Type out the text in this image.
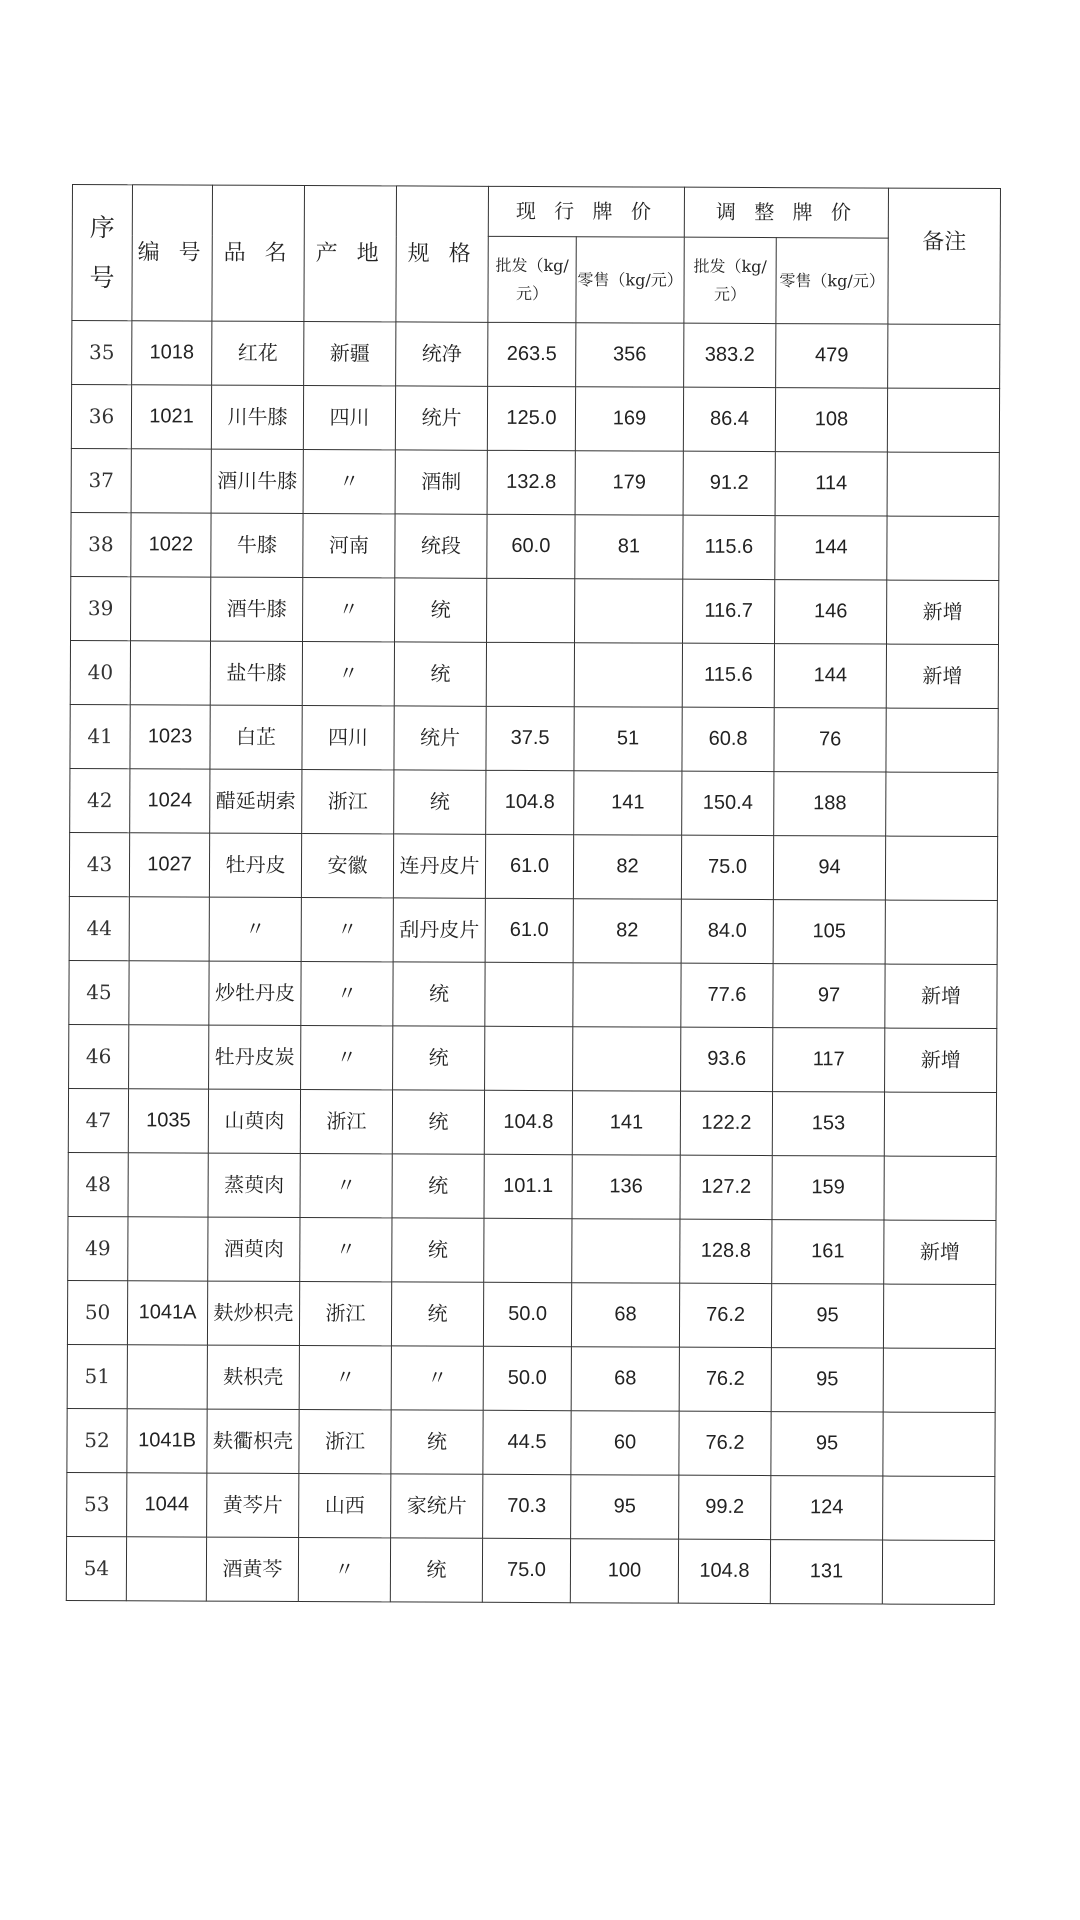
序
号	编 号	品 名	产 地	规 格	现 行 牌 价		调 整 牌 价		备注
					批发（kg/元）	零售（kg/元）	批发（kg/元）	零售（kg/元）	
35	1018	红花	新疆	统净	263.5	356	383.2	479	
36	1021	川牛膝	四川	统片	125.0	169	86.4	108	
37		酒川牛膝	〃	酒制	132.8	179	91.2	114	
38	1022	牛膝	河南	统段	60.0	81	115.6	144	
39		酒牛膝	〃	统			116.7	146	新增
40		盐牛膝	〃	统			115.6	144	新增
41	1023	白芷	四川	统片	37.5	51	60.8	76	
42	1024	醋延胡索	浙江	统	104.8	141	150.4	188	
43	1027	牡丹皮	安徽	连丹皮片	61.0	82	75.0	94	
44		〃	〃	刮丹皮片	61.0	82	84.0	105	
45		炒牡丹皮	〃	统			77.6	97	新增
46		牡丹皮炭	〃	统			93.6	117	新增
47	1035	山萸肉	浙江	统	104.8	141	122.2	153	
48		蒸萸肉	〃	统	101.1	136	127.2	159	
49		酒萸肉	〃	统			128.8	161	新增
50	1041A	麸炒枳壳	浙江	统	50.0	68	76.2	95	
51		麸枳壳	〃	〃	50.0	68	76.2	95	
52	1041B	麸衢枳壳	浙江	统	44.5	60	76.2	95	
53	1044	黄芩片	山西	家统片	70.3	95	99.2	124	
54		酒黄芩	〃	统	75.0	100	104.8	131	
